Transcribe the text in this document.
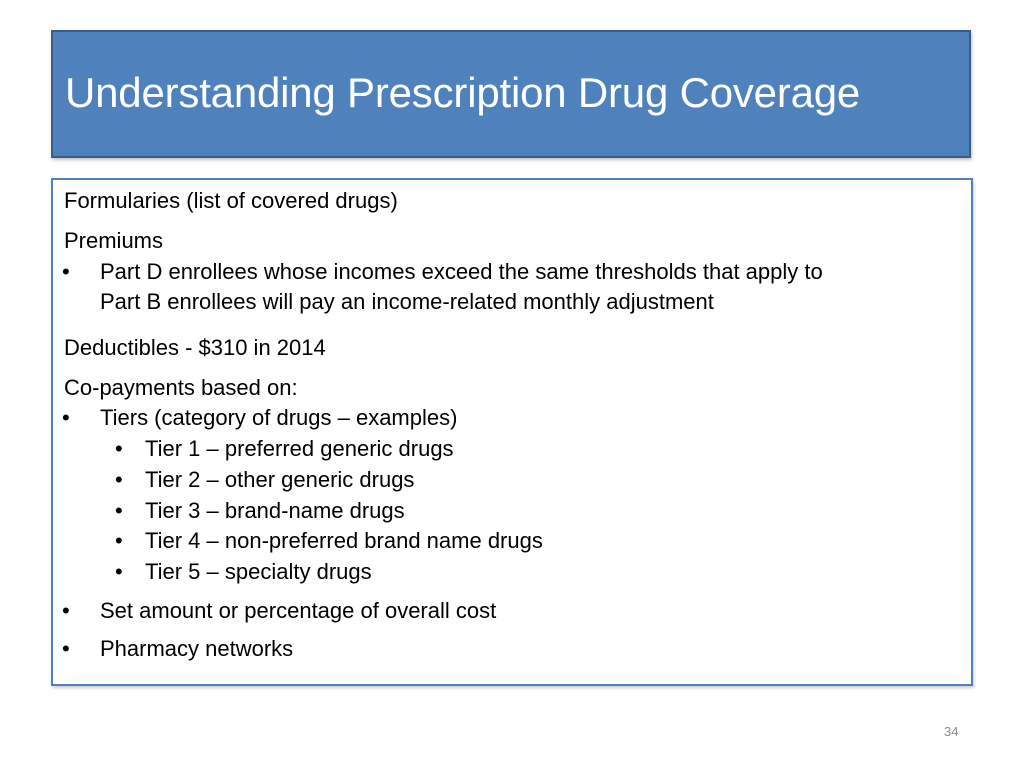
Understanding Prescription Drug Coverage
Formularies (list of covered drugs)
Premiums
• Part D enrollees whose incomes exceed the same thresholds that apply to
Part B enrollees will pay an income-related monthly adjustment
Deductibles - $310 in 2014
Co-payments based on:
• Tiers (category of drugs – examples)
• Tier 1 – preferred generic drugs
• Tier 2 – other generic drugs
• Tier 3 – brand-name drugs
• Tier 4 – non-preferred brand name drugs
• Tier 5 – specialty drugs
• Set amount or percentage of overall cost
• Pharmacy networks
34
